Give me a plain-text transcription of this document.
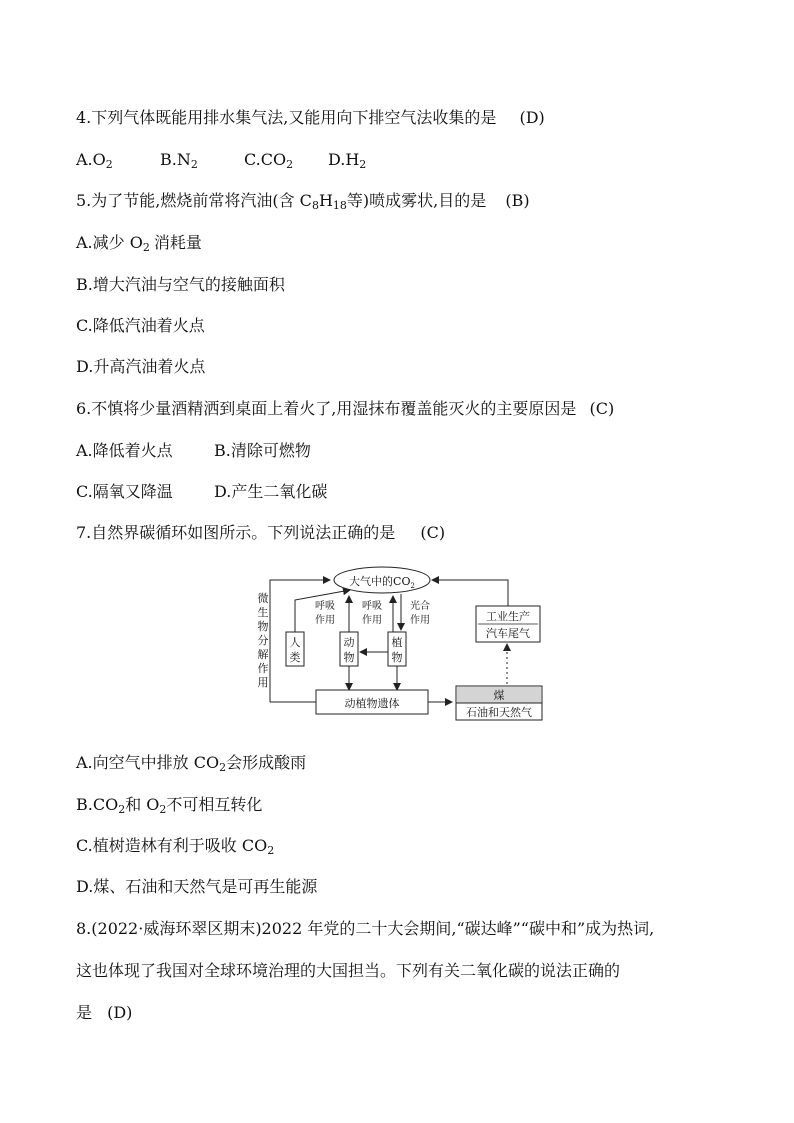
4.下列气体既能用排水集气法,又能用向下排空气法收集的是 (D)
$A.O_2$	$B.N_2$	$C.CO_2$ $D.H_2$
5.为了节能,燃烧前常将汽油(含 $C_8H_{18}$等)喷成雾状,目的是 (B)
A.减少 $O_2$ 消耗量
B.增大汽油与空气的接触面积
C.降低汽油着火点
D.升高汽油着火点
6.不慎将少量酒精洒到桌面上着火了,用湿抹布覆盖能灭火的主要原因是 (C)
A.降低着火点	B.清除可燃物
C.隔氧又降温	D.产生二氧化碳
7.自然界碳循环如图所示。下列说法正确的是 (C)
大气中的$CO_2$
微
生
物
分
解
作
用
人
类
呼吸
作用
动
物
呼吸
作用
植
物
光合
作用
动植物遗体
煤
石油和天然气
工业生产
汽车尾气
A.向空气中排放 $CO_2$会形成酸雨
$B.CO_2$和 $O_2$不可相互转化
C.植树造林有利于吸收 $CO_2$
D.煤、石油和天然气是可再生能源
8.(2022·威海环翠区期末)2022 年党的二十大会期间,“碳达峰”“碳中和”成为热词,
这也体现了我国对全球环境治理的大国担当。下列有关二氧化碳的说法正确的
是 (D)
